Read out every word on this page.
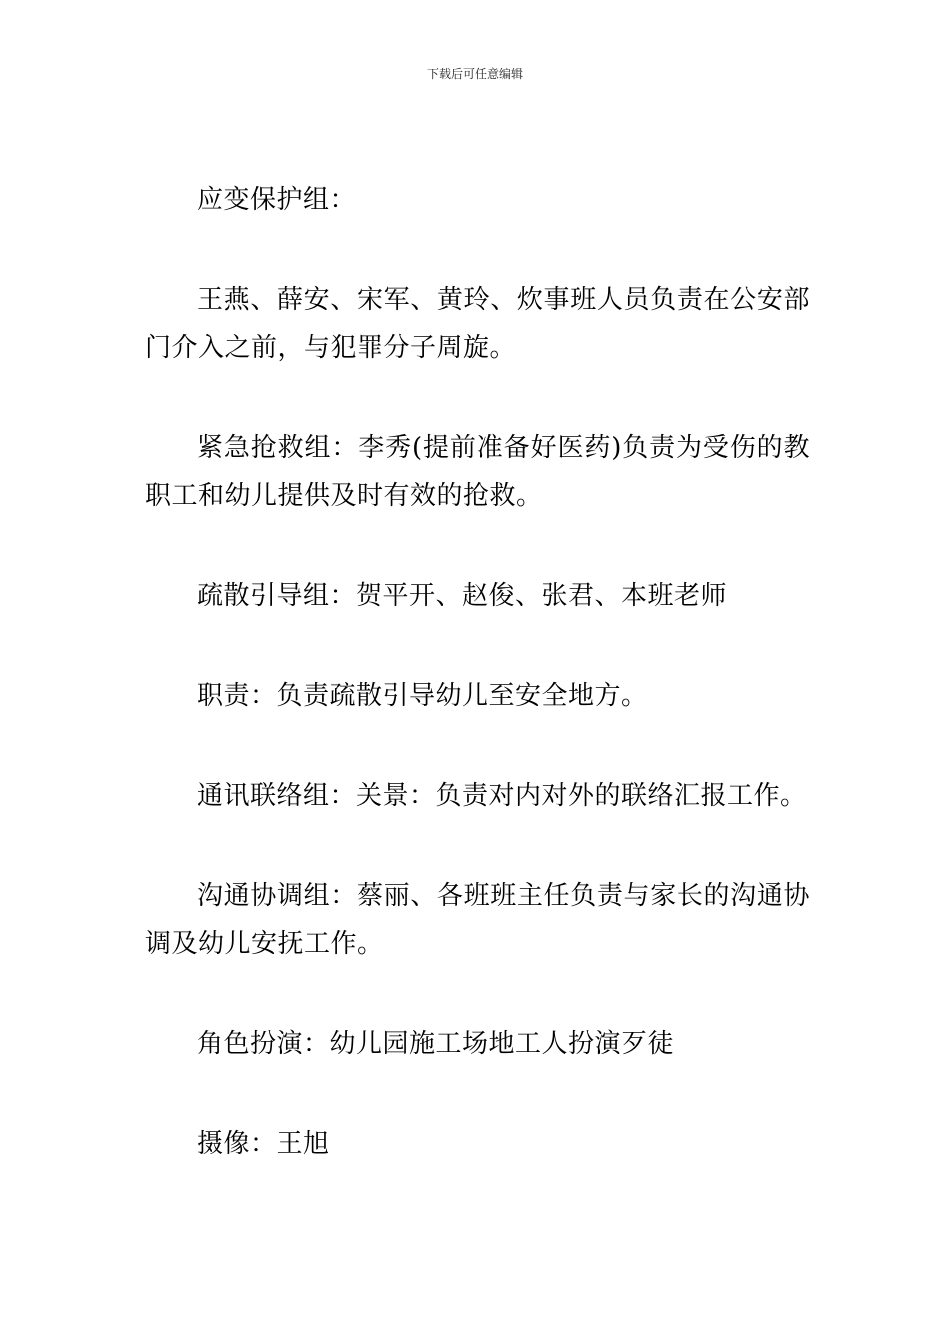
下载后可任意编辑

应变保护组：

王燕、薛安、宋军、黄玲、炊事班人员负责在公安部门介入之前，与犯罪分子周旋。

紧急抢救组：李秀(提前准备好医药)负责为受伤的教职工和幼儿提供及时有效的抢救。

疏散引导组：贺平开、赵俊、张君、本班老师

职责：负责疏散引导幼儿至安全地方。

通讯联络组：关景：负责对内对外的联络汇报工作。

沟通协调组：蔡丽、各班班主任负责与家长的沟通协调及幼儿安抚工作。

角色扮演：幼儿园施工场地工人扮演歹徒

摄像：王旭
